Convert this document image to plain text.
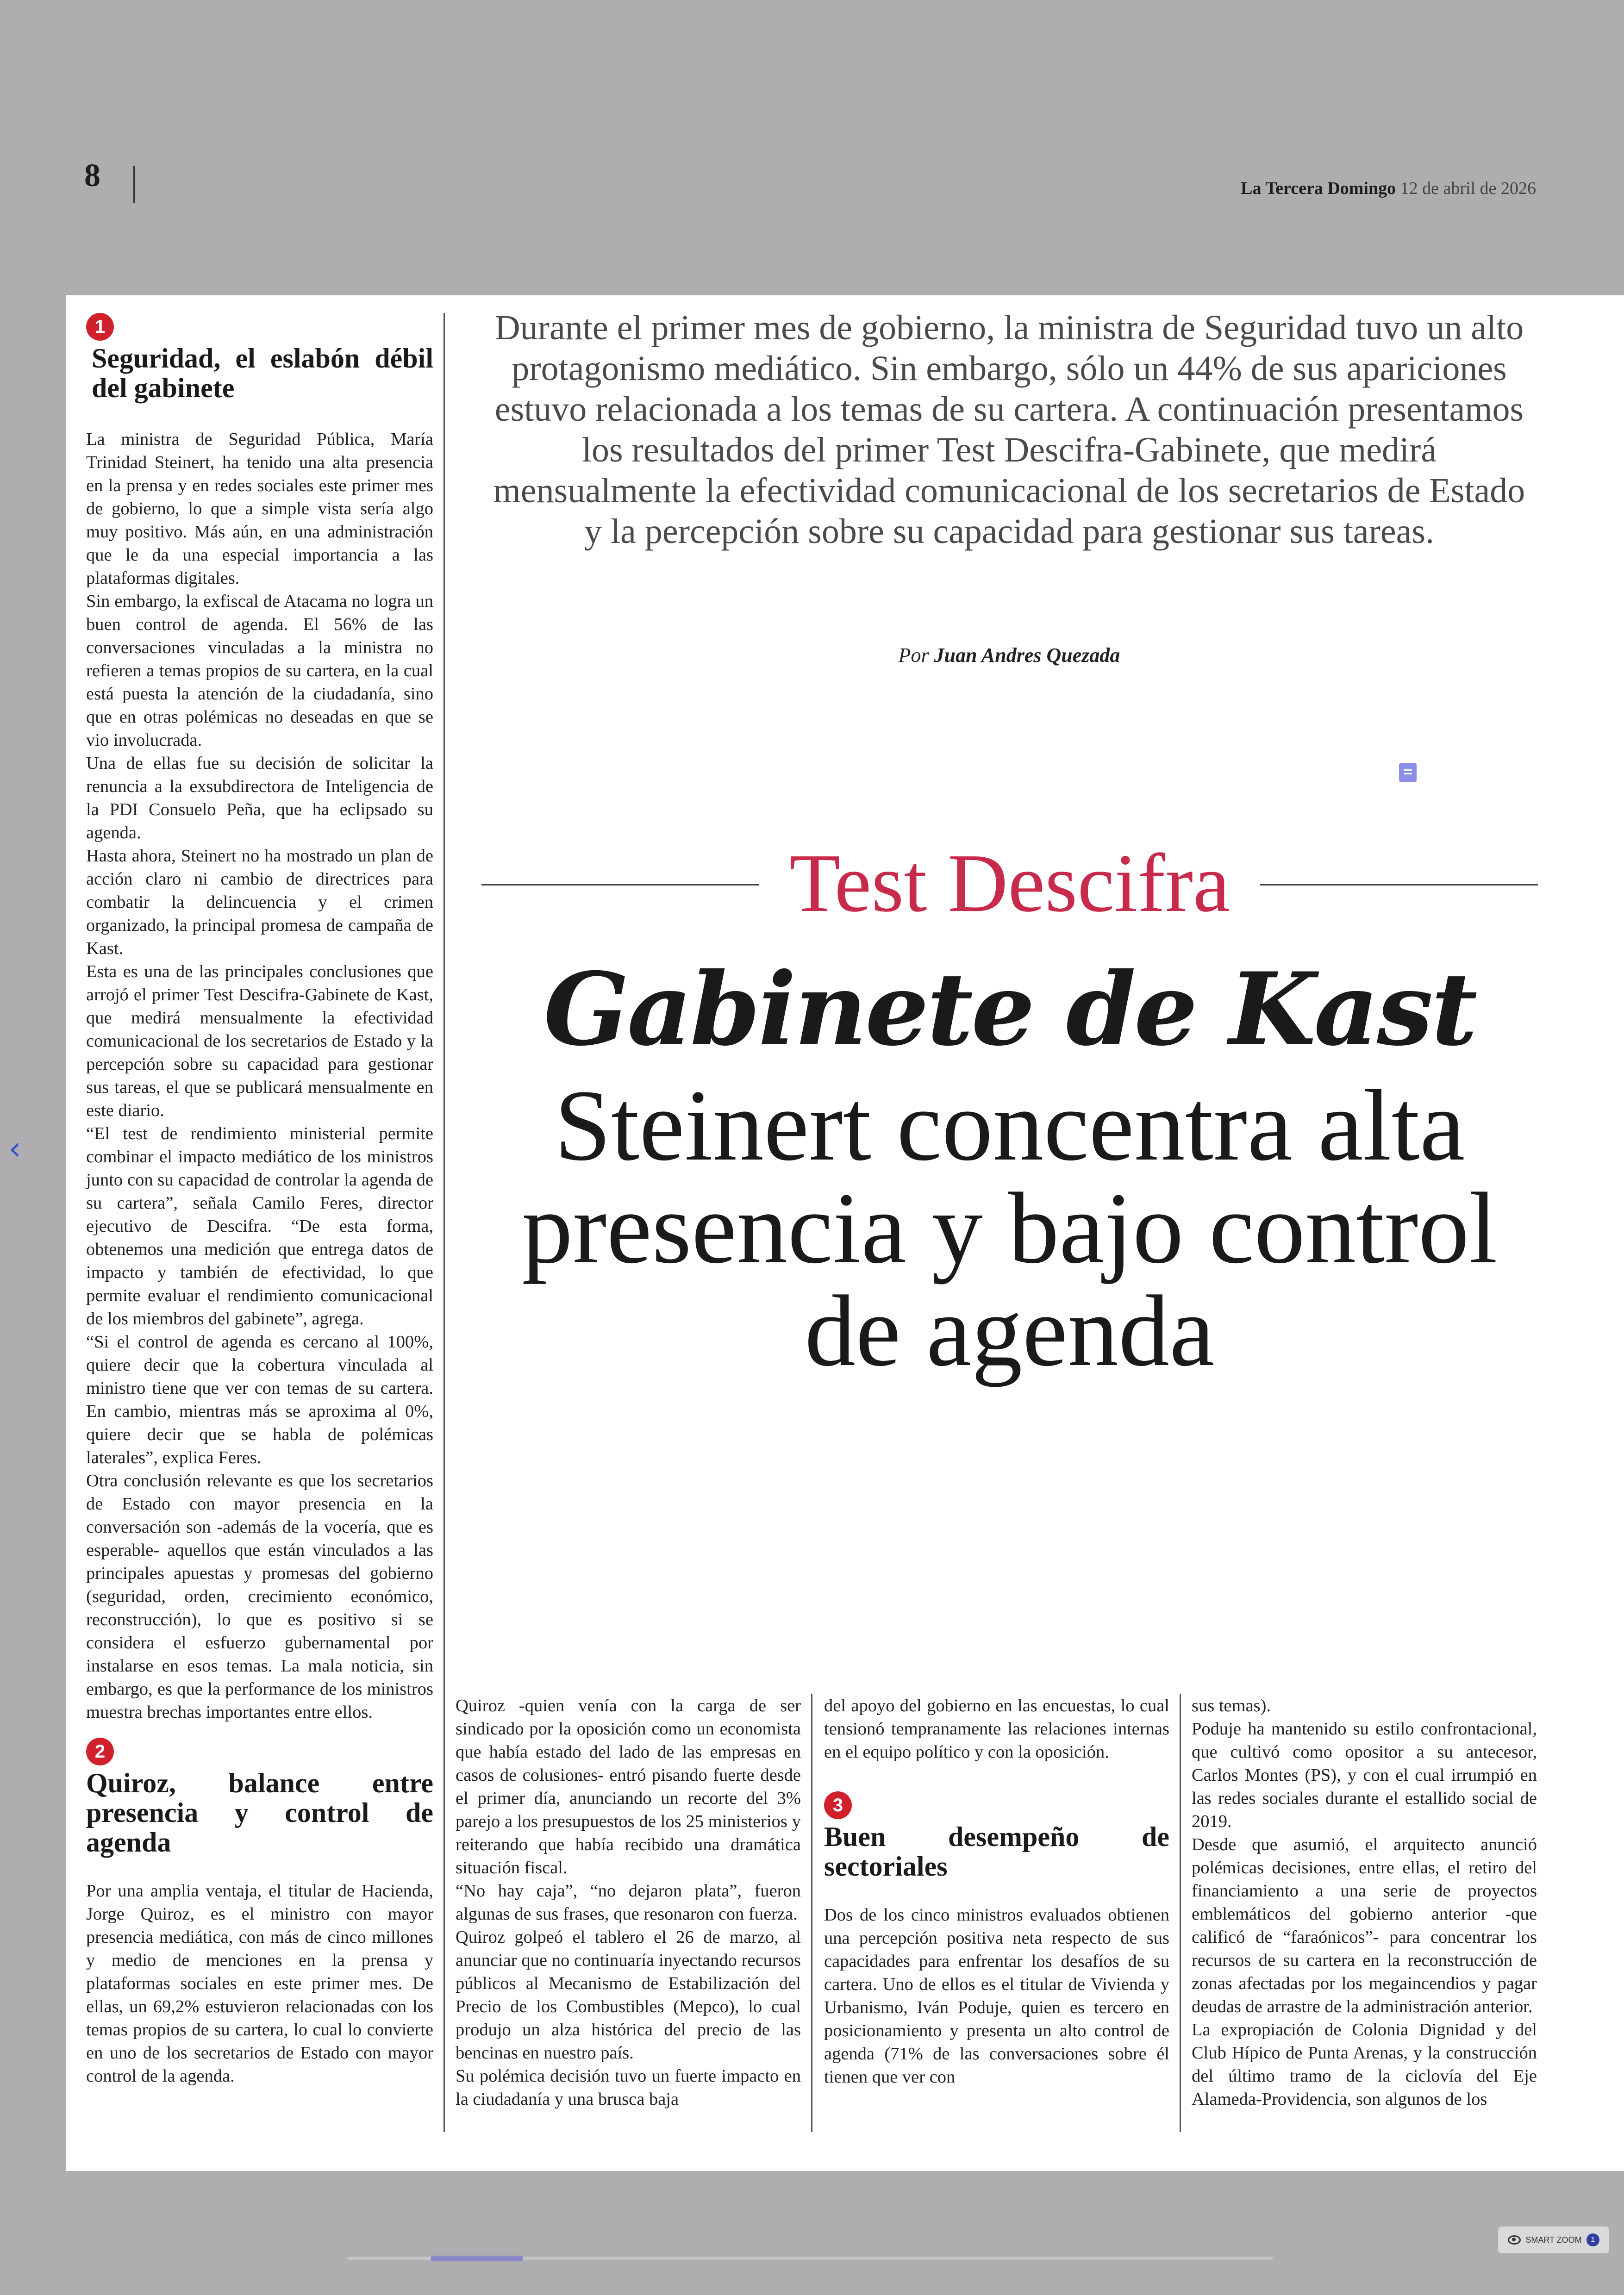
8	La Tercera Domingo 12 de abril de 2026
‹
1
Seguridad, el eslabón débil del gabinete

La ministra de Seguridad Pública, María Trinidad Steinert, ha tenido una alta presencia en la prensa y en redes sociales este primer mes de gobierno, lo que a simple vista sería algo muy positivo. Más aún, en una administración que le da una especial importancia a las plataformas digitales.

Sin embargo, la exfiscal de Atacama no logra un buen control de agenda. El 56% de las conversaciones vinculadas a la ministra no refieren a temas propios de su cartera, en la cual está puesta la atención de la ciudadanía, sino que en otras polémicas no deseadas en que se vio involucrada.

Una de ellas fue su decisión de solicitar la renuncia a la exsubdirectora de Inteligencia de la PDI Consuelo Peña, que ha eclipsado su agenda.

Hasta ahora, Steinert no ha mostrado un plan de acción claro ni cambio de directrices para combatir la delincuencia y el crimen organizado, la principal promesa de campaña de Kast.

Esta es una de las principales conclusiones que arrojó el primer Test Descifra-Gabinete de Kast, que medirá mensualmente la efectividad comunicacional de los secretarios de Estado y la percepción sobre su capacidad para gestionar sus tareas, el que se publicará mensualmente en este diario.

“El test de rendimiento ministerial permite combinar el impacto mediático de los ministros junto con su capacidad de controlar la agenda de su cartera”, señala Camilo Feres, director ejecutivo de Descifra. “De esta forma, obtenemos una medición que entrega datos de impacto y también de efectividad, lo que permite evaluar el rendimiento comunicacional de los miembros del gabinete”, agrega.

“Si el control de agenda es cercano al 100%, quiere decir que la cobertura vinculada al ministro tiene que ver con temas de su cartera. En cambio, mientras más se aproxima al 0%, quiere decir que se habla de polémicas laterales”, explica Feres.

Otra conclusión relevante es que los secretarios de Estado con mayor presencia en la conversación son -además de la vocería, que es esperable- aquellos que están vinculados a las principales apuestas y promesas del gobierno (seguridad, orden, crecimiento económico, reconstrucción), lo que es positivo si se considera el esfuerzo gubernamental por instalarse en esos temas. La mala noticia, sin embargo, es que la performance de los ministros muestra brechas importantes entre ellos.

2
Quiroz, balance entre presencia y control de agenda

Por una amplia ventaja, el titular de Hacienda, Jorge Quiroz, es el ministro con mayor presencia mediática, con más de cinco millones y medio de menciones en la prensa y plataformas sociales en este primer mes. De ellas, un 69,2% estuvieron relacionadas con los temas propios de su cartera, lo cual lo convierte en uno de los secretarios de Estado con mayor control de la agenda.

Durante el primer mes de gobierno, la ministra de Seguridad tuvo un alto protagonismo mediático. Sin embargo, sólo un 44% de sus apariciones estuvo relacionada a los temas de su cartera. A continuación presentamos los resultados del primer Test Descifra-Gabinete, que medirá mensualmente la efectividad comunicacional de los secretarios de Estado y la percepción sobre su capacidad para gestionar sus tareas.
Por Juan Andres Quezada
Test Descifra
Gabinete de Kast
Steinert concentra alta presencia y bajo control de agenda

Quiroz -quien venía con la carga de ser sindicado por la oposición como un economista que había estado del lado de las empresas en casos de colusiones- entró pisando fuerte desde el primer día, anunciando un recorte del 3% parejo a los presupuestos de los 25 ministerios y reiterando que había recibido una dramática situación fiscal.

“No hay caja”, “no dejaron plata”, fueron algunas de sus frases, que resonaron con fuerza.

Quiroz golpeó el tablero el 26 de marzo, al anunciar que no continuaría inyectando recursos públicos al Mecanismo de Estabilización del Precio de los Combustibles (Mepco), lo cual produjo un alza histórica del precio de las bencinas en nuestro país.

Su polémica decisión tuvo un fuerte impacto en la ciudadanía y una brusca baja

del apoyo del gobierno en las encuestas, lo cual tensionó tempranamente las relaciones internas en el equipo político y con la oposición.

3
Buen desempeño de sectoriales

Dos de los cinco ministros evaluados obtienen una percepción positiva neta respecto de sus capacidades para enfrentar los desafíos de su cartera. Uno de ellos es el titular de Vivienda y Urbanismo, Iván Poduje, quien es tercero en posicionamiento y presenta un alto control de agenda (71% de las conversaciones sobre él tienen que ver con

sus temas).

Poduje ha mantenido su estilo confrontacional, que cultivó como opositor a su antecesor, Carlos Montes (PS), y con el cual irrumpió en las redes sociales durante el estallido social de 2019.

Desde que asumió, el arquitecto anunció polémicas decisiones, entre ellas, el retiro del financiamiento a una serie de proyectos emblemáticos del gobierno anterior -que calificó de “faraónicos”- para concentrar los recursos de su cartera en la reconstrucción de zonas afectadas por los megaincendios y pagar deudas de arrastre de la administración anterior.

La expropiación de Colonia Dignidad y del Club Hípico de Punta Arenas, y la construcción del último tramo de la ciclovía del Eje Alameda-Providencia, son algunos de los

SMART ZOOM	1
